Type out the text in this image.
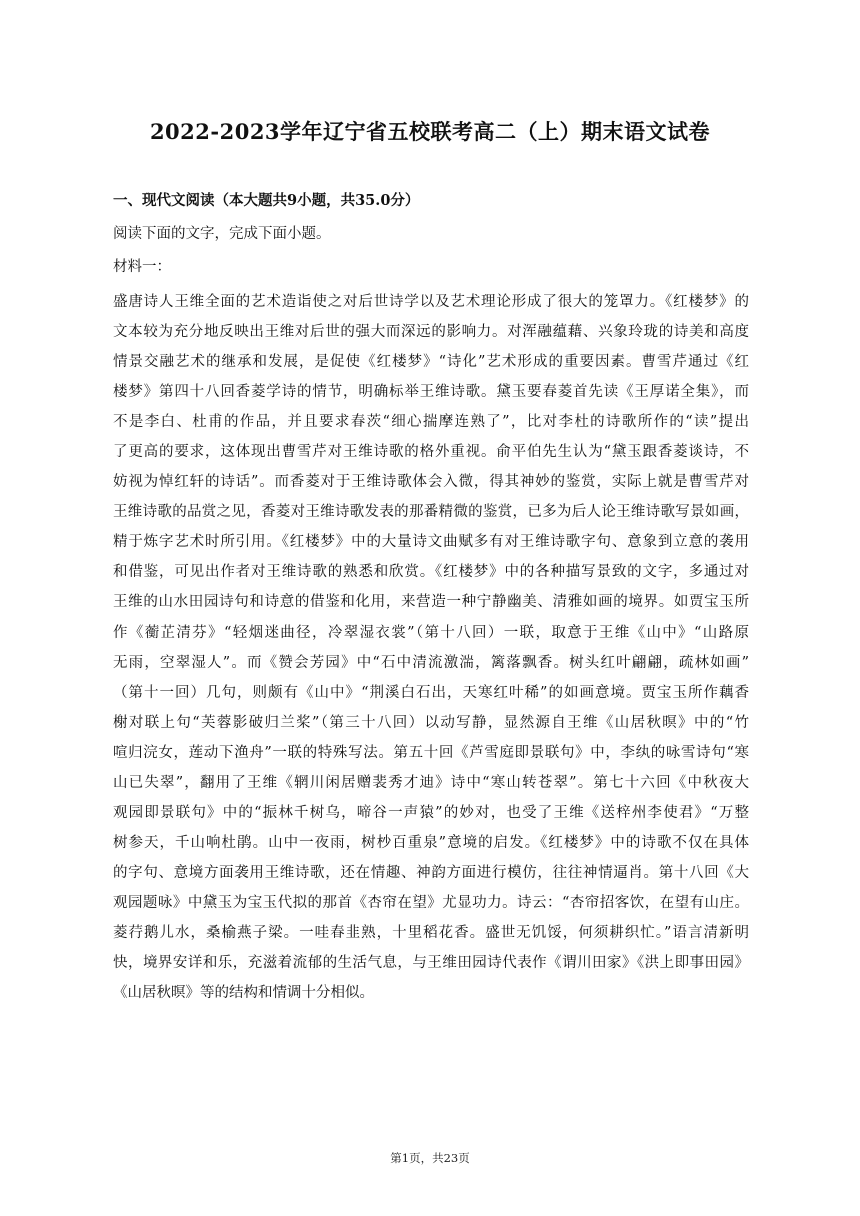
2022-2023学年辽宁省五校联考高二（上）期末语文试卷
一、现代文阅读（本大题共9小题，共35.0分）
阅读下面的文字，完成下面小题。
材料一：
盛唐诗人王维全面的艺术造诣使之对后世诗学以及艺术理论形成了很大的笼罩力。《红楼梦》的
文本较为充分地反映出王维对后世的强大而深远的影响力。对浑融蕴藉、兴象玲珑的诗美和高度
情景交融艺术的继承和发展，是促使《红楼梦》“诗化”艺术形成的重要因素。曹雪芹通过《红
楼梦》第四十八回香菱学诗的情节，明确标举王维诗歌。黛玉要春菱首先读《王厚诺全集》，而
不是李白、杜甫的作品，并且要求春茨“细心揣摩连熟了”，比对李杜的诗歌所作的“读”提出
了更高的要求，这体现出曹雪芹对王维诗歌的格外重视。俞平伯先生认为“黛玉跟香菱谈诗，不
妨视为悼红轩的诗话”。而香菱对于王维诗歌体会入微，得其神妙的鉴赏，实际上就是曹雪芹对
王维诗歌的品赏之见，香菱对王维诗歌发表的那番精微的鉴赏，已多为后人论王维诗歌写景如画，
精于炼字艺术时所引用。《红楼梦》中的大量诗文曲赋多有对王维诗歌字句、意象到立意的袭用
和借鉴，可见出作者对王维诗歌的熟悉和欣赏。《红楼梦》中的各种描写景致的文字，多通过对
王维的山水田园诗句和诗意的借鉴和化用，来营造一种宁静幽美、清雅如画的境界。如贾宝玉所
作《蘅芷清芬》“轻烟迷曲径，冷翠湿衣裳”（第十八回）一联，取意于王维《山中》“山路原
无雨，空翠湿人”。而《赞会芳园》中“石中清流激湍，篱落飘香。树头红叶翩翩，疏林如画”
（第十一回）几句，则颇有《山中》“荆溪白石出，天寒红叶稀”的如画意境。贾宝玉所作藕香
榭对联上句“芙蓉影破归兰桨”（第三十八回）以动写静，显然源自王维《山居秋暝》中的“竹
喧归浣女，莲动下渔舟”一联的特殊写法。第五十回《芦雪庭即景联句》中，李纨的咏雪诗句“寒
山已失翠”，翻用了王维《辋川闲居赠裴秀才迪》诗中“寒山转苍翠”。第七十六回《中秋夜大
观园即景联句》中的“振林千树乌，啼谷一声猿”的妙对，也受了王维《送梓州李使君》“万整
树参天，千山响杜鹃。山中一夜雨，树杪百重泉”意境的启发。《红楼梦》中的诗歌不仅在具体
的字句、意境方面袭用王维诗歌，还在情趣、神韵方面进行模仿，往往神情逼肖。第十八回《大
观园题咏》中黛玉为宝玉代拟的那首《杏帘在望》尤显功力。诗云：“杏帘招客饮，在望有山庄。
菱荇鹅儿水，桑榆燕子梁。一哇春韭熟，十里稻花香。盛世无饥馁，何须耕织忙。”语言清新明
快，境界安详和乐，充滋着流郁的生活气息，与王维田园诗代表作《谓川田家》《洪上即事田园》
《山居秋暝》等的结构和情调十分相似。
第1页，共23页
